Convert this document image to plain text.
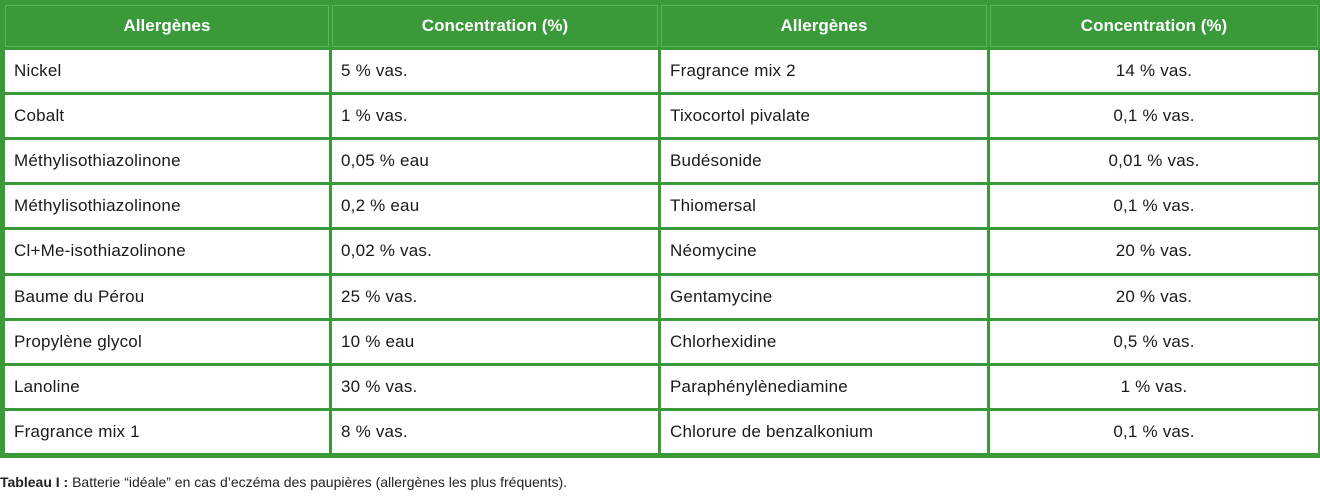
Allergènes	Concentration (%)	Allergènes	Concentration (%)
Nickel	5 % vas.	Fragrance mix 2	14 % vas.
Cobalt	1 % vas.	Tixocortol pivalate	0,1 % vas.
Méthylisothiazolinone	0,05 % eau	Budésonide	0,01 % vas.
Méthylisothiazolinone	0,2 % eau	Thiomersal	0,1 % vas.
Cl+Me-isothiazolinone	0,02 % vas.	Néomycine	20 % vas.
Baume du Pérou	25 % vas.	Gentamycine	20 % vas.
Propylène glycol	10 % eau	Chlorhexidine	0,5 % vas.
Lanoline	30 % vas.	Paraphénylènediamine	1 % vas.
Fragrance mix 1	8 % vas.	Chlorure de benzalkonium	0,1 % vas.
Tableau I : Batterie “idéale” en cas d’eczéma des paupières (allergènes les plus fréquents).
